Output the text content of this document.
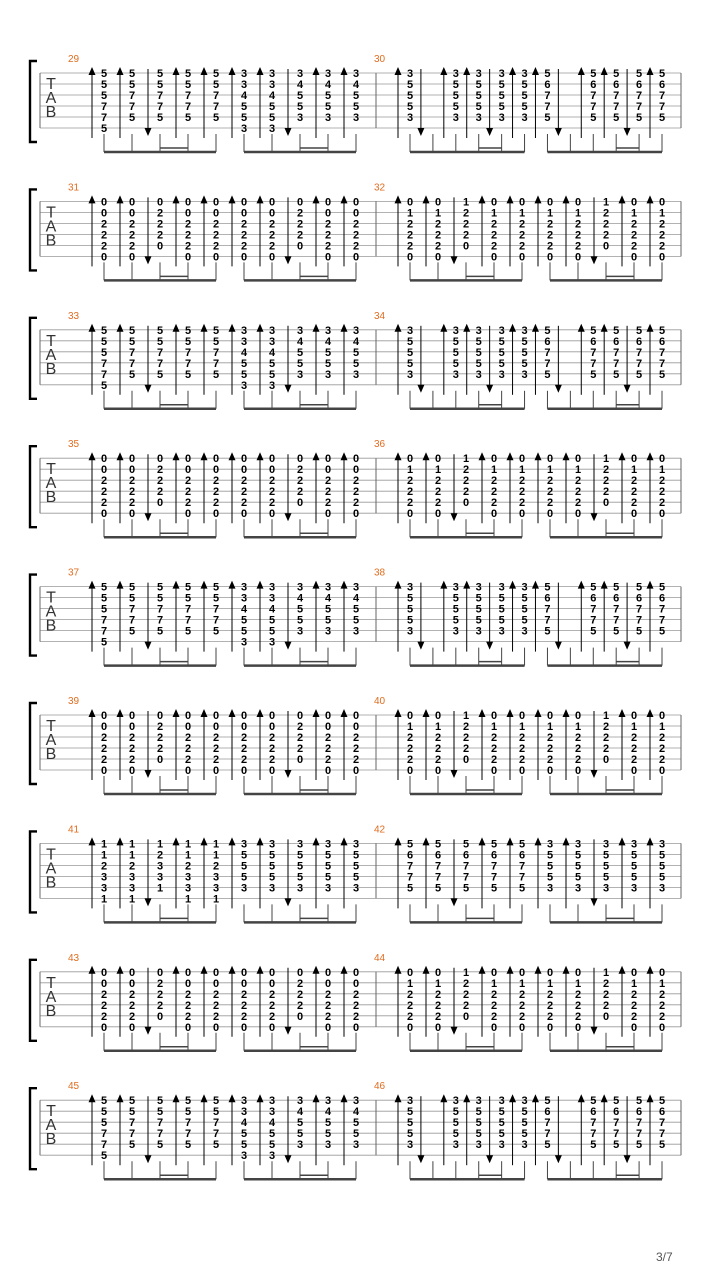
T
A
B
29
5
5
5
7
7
5
5
5
7
7
5
5
5
7
7
5
5
5
7
7
5
5
5
7
7
5
3
3
4
5
5
3
3
3
4
5
5
3
3
4
5
5
3
3
4
5
5
3
3
4
5
5
3
30
3
5
5
5
3
3
5
5
5
3
3
5
5
5
3
3
5
5
5
3
3
5
5
5
3
5
6
7
7
5
5
6
7
7
5
5
6
7
7
5
5
6
7
7
5
5
6
7
7
5
T
A
B
31
0
0
2
2
2
0
0
0
2
2
2
0
0
2
2
2
0
0
0
2
2
2
0
0
0
2
2
2
0
0
0
2
2
2
0
0
0
2
2
2
0
0
2
2
2
0
0
0
2
2
2
0
0
0
2
2
2
0
32
0
1
2
2
2
0
0
1
2
2
2
0
1
2
2
2
0
0
1
2
2
2
0
0
1
2
2
2
0
0
1
2
2
2
0
0
1
2
2
2
0
1
2
2
2
0
0
1
2
2
2
0
0
1
2
2
2
0
T
A
B
33
5
5
5
7
7
5
5
5
7
7
5
5
5
7
7
5
5
5
7
7
5
5
5
7
7
5
3
3
4
5
5
3
3
3
4
5
5
3
3
4
5
5
3
3
4
5
5
3
3
4
5
5
3
34
3
5
5
5
3
3
5
5
5
3
3
5
5
5
3
3
5
5
5
3
3
5
5
5
3
5
6
7
7
5
5
6
7
7
5
5
6
7
7
5
5
6
7
7
5
5
6
7
7
5
T
A
B
35
0
0
2
2
2
0
0
0
2
2
2
0
0
2
2
2
0
0
0
2
2
2
0
0
0
2
2
2
0
0
0
2
2
2
0
0
0
2
2
2
0
0
2
2
2
0
0
0
2
2
2
0
0
0
2
2
2
0
36
0
1
2
2
2
0
0
1
2
2
2
0
1
2
2
2
0
0
1
2
2
2
0
0
1
2
2
2
0
0
1
2
2
2
0
0
1
2
2
2
0
1
2
2
2
0
0
1
2
2
2
0
0
1
2
2
2
0
T
A
B
37
5
5
5
7
7
5
5
5
7
7
5
5
5
7
7
5
5
5
7
7
5
5
5
7
7
5
3
3
4
5
5
3
3
3
4
5
5
3
3
4
5
5
3
3
4
5
5
3
3
4
5
5
3
38
3
5
5
5
3
3
5
5
5
3
3
5
5
5
3
3
5
5
5
3
3
5
5
5
3
5
6
7
7
5
5
6
7
7
5
5
6
7
7
5
5
6
7
7
5
5
6
7
7
5
T
A
B
39
0
0
2
2
2
0
0
0
2
2
2
0
0
2
2
2
0
0
0
2
2
2
0
0
0
2
2
2
0
0
0
2
2
2
0
0
0
2
2
2
0
0
2
2
2
0
0
0
2
2
2
0
0
0
2
2
2
0
40
0
1
2
2
2
0
0
1
2
2
2
0
1
2
2
2
0
0
1
2
2
2
0
0
1
2
2
2
0
0
1
2
2
2
0
0
1
2
2
2
0
1
2
2
2
0
0
1
2
2
2
0
0
1
2
2
2
0
T
A
B
41
1
1
2
3
3
1
1
1
2
3
3
1
1
2
3
3
1
1
1
2
3
3
1
1
1
2
3
3
1
3
5
5
5
3
3
5
5
5
3
3
5
5
5
3
3
5
5
5
3
3
5
5
5
3
42
5
6
7
7
5
5
6
7
7
5
5
6
7
7
5
5
6
7
7
5
5
6
7
7
5
3
5
5
5
3
3
5
5
5
3
3
5
5
5
3
3
5
5
5
3
3
5
5
5
3
T
A
B
43
0
0
2
2
2
0
0
0
2
2
2
0
0
2
2
2
0
0
0
2
2
2
0
0
0
2
2
2
0
0
0
2
2
2
0
0
0
2
2
2
0
0
2
2
2
0
0
0
2
2
2
0
0
0
2
2
2
0
44
0
1
2
2
2
0
0
1
2
2
2
0
1
2
2
2
0
0
1
2
2
2
0
0
1
2
2
2
0
0
1
2
2
2
0
0
1
2
2
2
0
1
2
2
2
0
0
1
2
2
2
0
0
1
2
2
2
0
T
A
B
45
5
5
5
7
7
5
5
5
7
7
5
5
5
7
7
5
5
5
7
7
5
5
5
7
7
5
3
3
4
5
5
3
3
3
4
5
5
3
3
4
5
5
3
3
4
5
5
3
3
4
5
5
3
46
3
5
5
5
3
3
5
5
5
3
3
5
5
5
3
3
5
5
5
3
3
5
5
5
3
5
6
7
7
5
5
6
7
7
5
5
6
7
7
5
5
6
7
7
5
5
6
7
7
5
3/7
